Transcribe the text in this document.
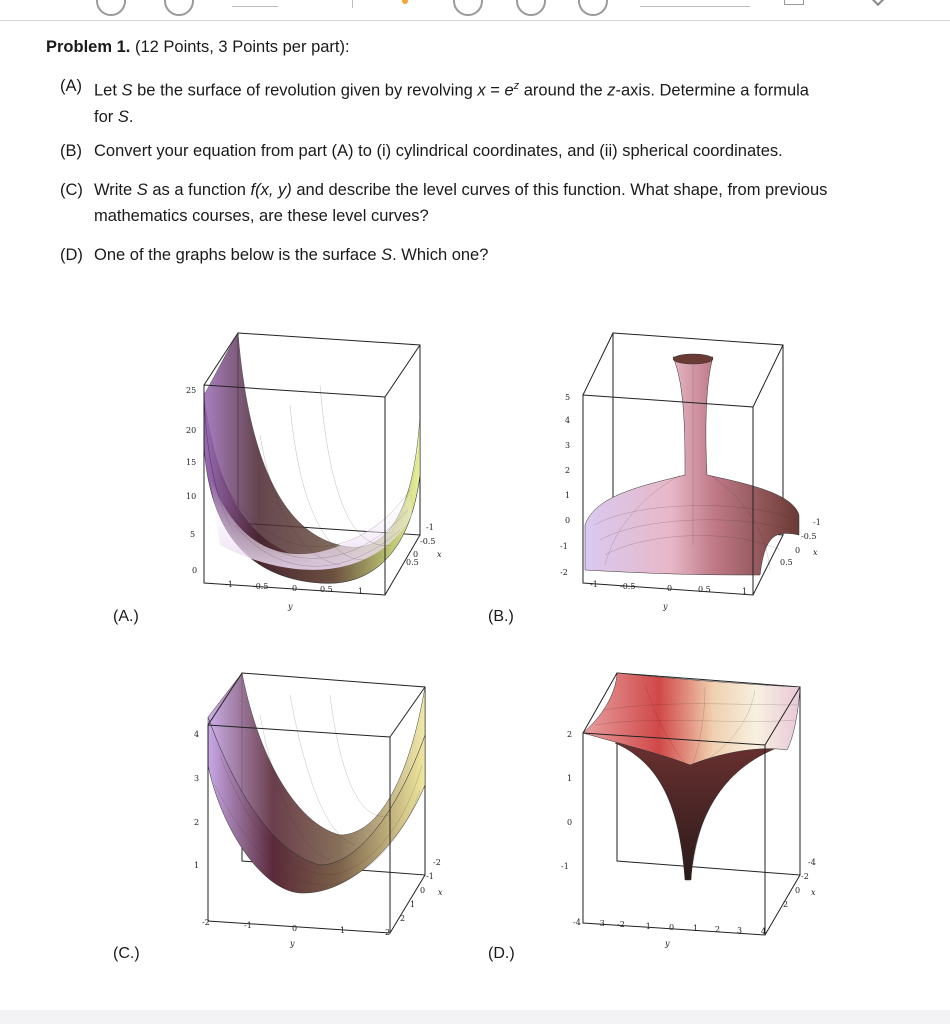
Problem 1. (12 Points, 3 Points per part):
(A) Let S be the surface of revolution given by revolving $x = e^z$ around the z-axis. Determine a formula
for S.
(B) Convert your equation from part (A) to (i) cylindrical coordinates, and (ii) spherical coordinates.
(C) Write S as a function f(x, y) and describe the level curves of this function. What shape, from previous
mathematics courses, are these level curves?
(D) One of the graphs below is the surface S. Which one?
25
20
15
10
5
0
-1	-0.5	0	0.5	1
y
-1
-0.5
0
0.5
x
5
4
3
2
1
0
-1
-2
-1	-0.5	0	0.5	1
y
-1
-0.5
0
0.5
x
4
3
2
1
-2	-1	0	1	2
y
-2
-1
0
1
2
x
2
1
0
-1
-4 -3 -2 -1 0 1 2 3 4
y
-4
-2
0
2
x
(A.)	(B.)
(C.)	(D.)
